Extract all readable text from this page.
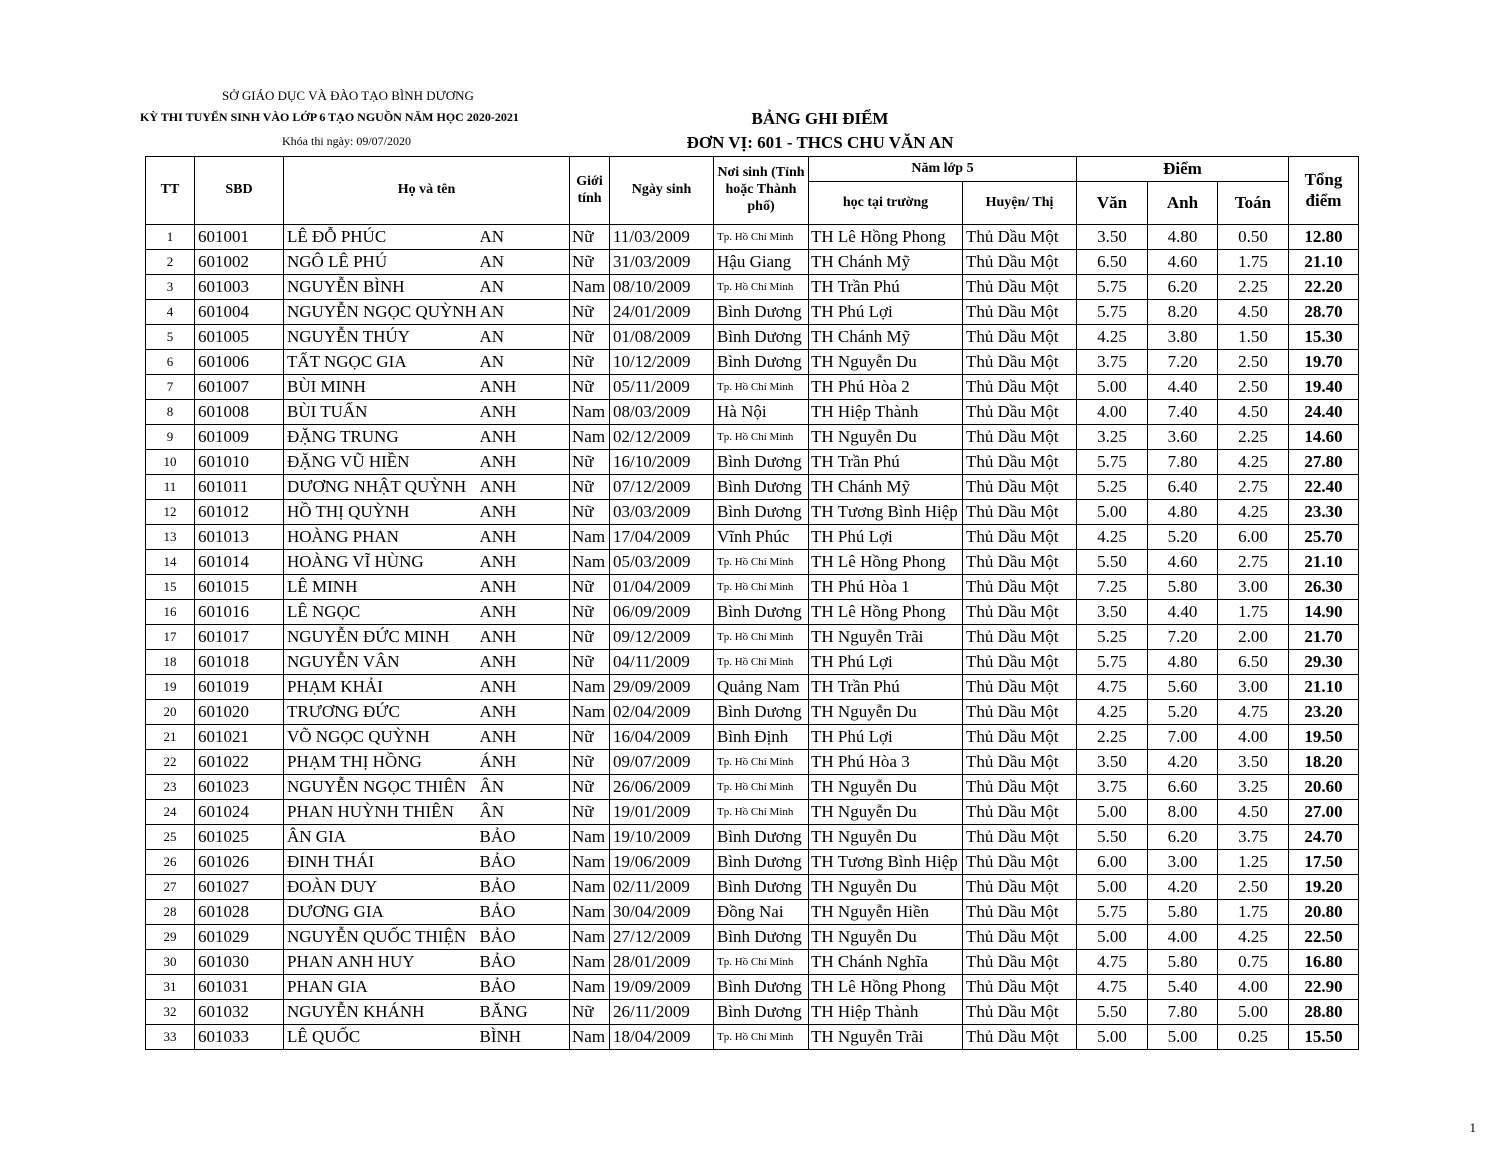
SỞ GIÁO DỤC VÀ ĐÀO TẠO BÌNH DƯƠNG
KỲ THI TUYỂN SINH VÀO LỚP 6 TẠO NGUỒN NĂM HỌC 2020-2021
Khóa thi ngày: 09/07/2020
BẢNG GHI ĐIỂM
ĐƠN VỊ: 601 - THCS CHU VĂN AN
TT	SBD	Họ và tên		Giới tính	Ngày sinh	Nơi sinh (Tỉnh hoặc Thành phố)	Năm lớp 5		Điểm			Tổng điểm
							học tại trường	Huyện/ Thị	Văn	Anh	Toán	
1	601001	LÊ ĐỖ PHÚC	AN	Nữ	11/03/2009	Tp. Hồ Chí Minh	TH Lê Hồng Phong	Thủ Dầu Một	3.50	4.80	0.50	12.80
2	601002	NGÔ LÊ PHÚ	AN	Nữ	31/03/2009	Hậu Giang	TH Chánh Mỹ	Thủ Dầu Một	6.50	4.60	1.75	21.10
3	601003	NGUYỄN BÌNH	AN	Nam	08/10/2009	Tp. Hồ Chí Minh	TH Trần Phú	Thủ Dầu Một	5.75	6.20	2.25	22.20
4	601004	NGUYỄN NGỌC QUỲNH	AN	Nữ	24/01/2009	Bình Dương	TH Phú Lợi	Thủ Dầu Một	5.75	8.20	4.50	28.70
5	601005	NGUYỄN THÚY	AN	Nữ	01/08/2009	Bình Dương	TH Chánh Mỹ	Thủ Dầu Một	4.25	3.80	1.50	15.30
6	601006	TẤT NGỌC GIA	AN	Nữ	10/12/2009	Bình Dương	TH Nguyễn Du	Thủ Dầu Một	3.75	7.20	2.50	19.70
7	601007	BÙI MINH	ANH	Nữ	05/11/2009	Tp. Hồ Chí Minh	TH Phú Hòa 2	Thủ Dầu Một	5.00	4.40	2.50	19.40
8	601008	BÙI TUẤN	ANH	Nam	08/03/2009	Hà Nội	TH Hiệp Thành	Thủ Dầu Một	4.00	7.40	4.50	24.40
9	601009	ĐẶNG TRUNG	ANH	Nam	02/12/2009	Tp. Hồ Chí Minh	TH Nguyễn Du	Thủ Dầu Một	3.25	3.60	2.25	14.60
10	601010	ĐẶNG VŨ HIỀN	ANH	Nữ	16/10/2009	Bình Dương	TH Trần Phú	Thủ Dầu Một	5.75	7.80	4.25	27.80
11	601011	DƯƠNG NHẬT QUỲNH	ANH	Nữ	07/12/2009	Bình Dương	TH Chánh Mỹ	Thủ Dầu Một	5.25	6.40	2.75	22.40
12	601012	HỒ THỊ QUỲNH	ANH	Nữ	03/03/2009	Bình Dương	TH Tương Bình Hiệp	Thủ Dầu Một	5.00	4.80	4.25	23.30
13	601013	HOÀNG PHAN	ANH	Nam	17/04/2009	Vĩnh Phúc	TH Phú Lợi	Thủ Dầu Một	4.25	5.20	6.00	25.70
14	601014	HOÀNG VĨ HÙNG	ANH	Nam	05/03/2009	Tp. Hồ Chí Minh	TH Lê Hồng Phong	Thủ Dầu Một	5.50	4.60	2.75	21.10
15	601015	LÊ MINH	ANH	Nữ	01/04/2009	Tp. Hồ Chí Minh	TH Phú Hòa 1	Thủ Dầu Một	7.25	5.80	3.00	26.30
16	601016	LÊ NGỌC	ANH	Nữ	06/09/2009	Bình Dương	TH Lê Hồng Phong	Thủ Dầu Một	3.50	4.40	1.75	14.90
17	601017	NGUYỄN ĐỨC MINH	ANH	Nữ	09/12/2009	Tp. Hồ Chí Minh	TH Nguyễn Trãi	Thủ Dầu Một	5.25	7.20	2.00	21.70
18	601018	NGUYỄN VÂN	ANH	Nữ	04/11/2009	Tp. Hồ Chí Minh	TH Phú Lợi	Thủ Dầu Một	5.75	4.80	6.50	29.30
19	601019	PHẠM KHẢI	ANH	Nam	29/09/2009	Quảng Nam	TH Trần Phú	Thủ Dầu Một	4.75	5.60	3.00	21.10
20	601020	TRƯƠNG ĐỨC	ANH	Nam	02/04/2009	Bình Dương	TH Nguyễn Du	Thủ Dầu Một	4.25	5.20	4.75	23.20
21	601021	VÕ NGỌC QUỲNH	ANH	Nữ	16/04/2009	Bình Định	TH Phú Lợi	Thủ Dầu Một	2.25	7.00	4.00	19.50
22	601022	PHẠM THỊ HỒNG	ÁNH	Nữ	09/07/2009	Tp. Hồ Chí Minh	TH Phú Hòa 3	Thủ Dầu Một	3.50	4.20	3.50	18.20
23	601023	NGUYỄN NGỌC THIÊN	ÂN	Nữ	26/06/2009	Tp. Hồ Chí Minh	TH Nguyễn Du	Thủ Dầu Một	3.75	6.60	3.25	20.60
24	601024	PHAN HUỲNH THIÊN	ÂN	Nữ	19/01/2009	Tp. Hồ Chí Minh	TH Nguyễn Du	Thủ Dầu Một	5.00	8.00	4.50	27.00
25	601025	ÂN GIA	BẢO	Nam	19/10/2009	Bình Dương	TH Nguyễn Du	Thủ Dầu Một	5.50	6.20	3.75	24.70
26	601026	ĐINH THÁI	BẢO	Nam	19/06/2009	Bình Dương	TH Tương Bình Hiệp	Thủ Dầu Một	6.00	3.00	1.25	17.50
27	601027	ĐOÀN DUY	BẢO	Nam	02/11/2009	Bình Dương	TH Nguyễn Du	Thủ Dầu Một	5.00	4.20	2.50	19.20
28	601028	DƯƠNG GIA	BẢO	Nam	30/04/2009	Đồng Nai	TH Nguyễn Hiền	Thủ Dầu Một	5.75	5.80	1.75	20.80
29	601029	NGUYỄN QUỐC THIỆN	BẢO	Nam	27/12/2009	Bình Dương	TH Nguyễn Du	Thủ Dầu Một	5.00	4.00	4.25	22.50
30	601030	PHAN ANH HUY	BẢO	Nam	28/01/2009	Tp. Hồ Chí Minh	TH Chánh Nghĩa	Thủ Dầu Một	4.75	5.80	0.75	16.80
31	601031	PHAN GIA	BẢO	Nam	19/09/2009	Bình Dương	TH Lê Hồng Phong	Thủ Dầu Một	4.75	5.40	4.00	22.90
32	601032	NGUYỄN KHÁNH	BĂNG	Nữ	26/11/2009	Bình Dương	TH Hiệp Thành	Thủ Dầu Một	5.50	7.80	5.00	28.80
33	601033	LÊ QUỐC	BÌNH	Nam	18/04/2009	Tp. Hồ Chí Minh	TH Nguyễn Trãi	Thủ Dầu Một	5.00	5.00	0.25	15.50
1
